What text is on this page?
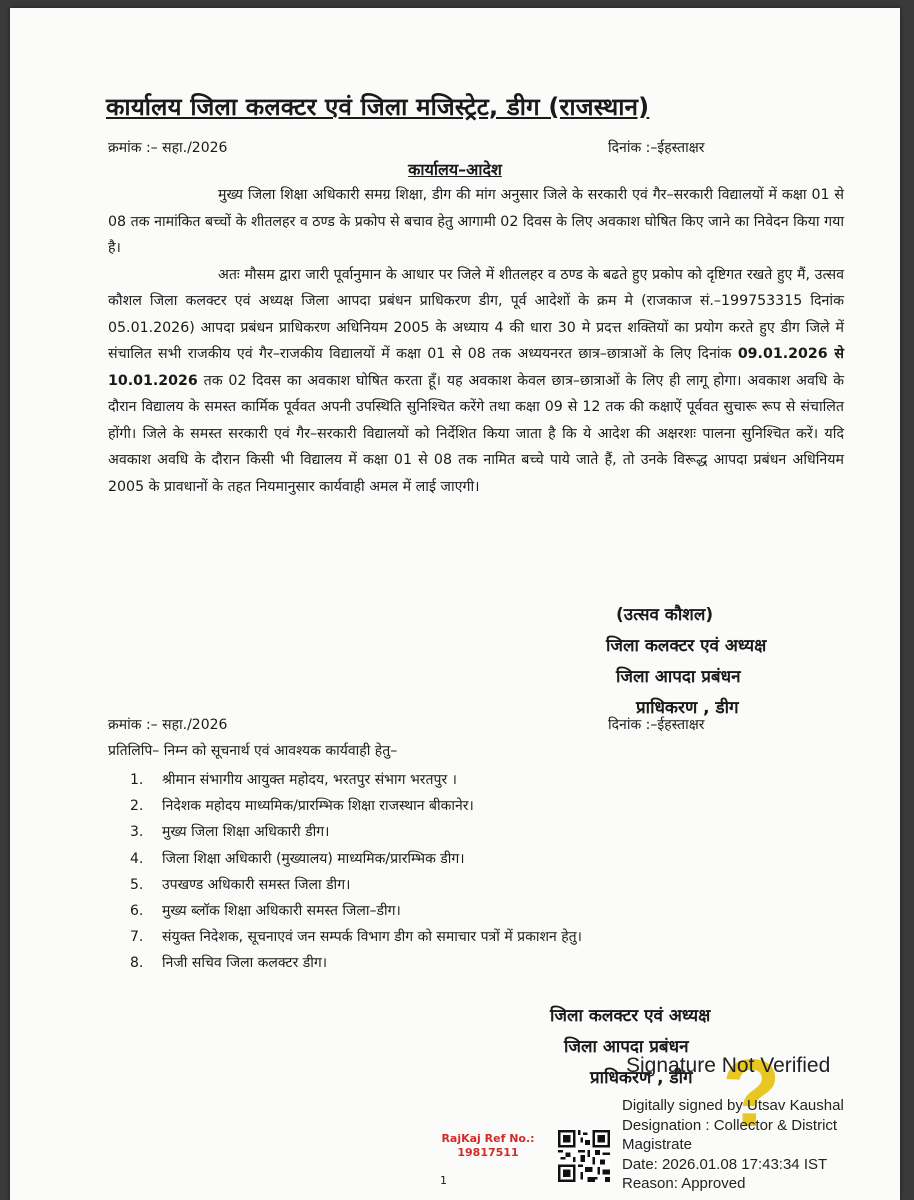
कार्यालय जिला कलक्टर एवं जिला मजिस्ट्रेट, डीग (राजस्थान)
क्रमांक :– सहा./2026	दिनांक :–ईहस्ताक्षर
कार्यालय–आदेश

मुख्य जिला शिक्षा अधिकारी समग्र शिक्षा, डीग की मांग अनुसार जिले के सरकारी एवं गैर–सरकारी विद्यालयों में कक्षा 01 से 08 तक नामांकित बच्चों के शीतलहर व ठण्ड के प्रकोप से बचाव हेतु आगामी 02 दिवस के लिए अवकाश घोषित किए जाने का निवेदन किया गया है।

अतः मौसम द्वारा जारी पूर्वानुमान के आधार पर जिले में शीतलहर व ठण्ड के बढते हुए प्रकोप को दृष्टिगत रखते हुए मैं, उत्सव कौशल जिला कलक्टर एवं अध्यक्ष जिला आपदा प्रबंधन प्राधिकरण डीग, पूर्व आदेशों के क्रम मे (राजकाज सं.–199753315 दिनांक 05.01.2026) आपदा प्रबंधन प्राधिकरण अधिनियम 2005 के अध्याय 4 की धारा 30 मे प्रदत्त शक्तियों का प्रयोग करते हुए डीग जिले में संचालित सभी राजकीय एवं गैर–राजकीय विद्यालयों में कक्षा 01 से 08 तक अध्ययनरत छात्र–छात्राओं के लिए दिनांक 09.01.2026 से 10.01.2026 तक 02 दिवस का अवकाश घोषित करता हूँ। यह अवकाश केवल छात्र–छात्राओं के लिए ही लागू होगा। अवकाश अवधि के दौरान विद्यालय के समस्त कार्मिक पूर्ववत अपनी उपस्थिति सुनिश्चित करेंगे तथा कक्षा 09 से 12 तक की कक्षाऐं पूर्ववत सुचारू रूप से संचालित होंगी। जिले के समस्त सरकारी एवं गैर–सरकारी विद्यालयों को निर्देशित किया जाता है कि ये आदेश की अक्षरशः पालना सुनिश्चित करें। यदि अवकाश अवधि के दौरान किसी भी विद्यालय में कक्षा 01 से 08 तक नामित बच्चे पाये जाते हैं, तो उनके विरूद्ध आपदा प्रबंधन अधिनियम 2005 के प्रावधानों के तहत नियमानुसार कार्यवाही अमल में लाई जाएगी।

(उत्सव कौशल)
जिला कलक्टर एवं अध्यक्ष
जिला आपदा प्रबंधन
प्राधिकरण , डीग
क्रमांक :– सहा./2026	दिनांक :–ईहस्ताक्षर
प्रतिलिपि– निम्न को सूचनार्थ एवं आवश्यक कार्यवाही हेतु–
1. श्रीमान संभागीय आयुक्त महोदय, भरतपुर संभाग भरतपुर ।
2. निदेशक महोदय माध्यमिक/प्रारम्भिक शिक्षा राजस्थान बीकानेर।
3. मुख्य जिला शिक्षा अधिकारी डीग।
4. जिला शिक्षा अधिकारी (मुख्यालय) माध्यमिक/प्रारम्भिक डीग।
5. उपखण्ड अधिकारी समस्त जिला डीग।
6. मुख्य ब्लॉक शिक्षा अधिकारी समस्त जिला–डीग।
7. संयुक्त निदेशक, सूचनाएवं जन सम्पर्क विभाग डीग को समाचार पत्रों में प्रकाशन हेतु।
8. निजी सचिव जिला कलक्टर डीग।
जिला कलक्टर एवं अध्यक्ष
जिला आपदा प्रबंधन
प्राधिकरण , डीग
RajKaj Ref No.:
19817511
1
?
Signature Not Verified
Digitally signed by Utsav Kaushal
Designation : Collector & District
Magistrate
Date: 2026.01.08 17:43:34 IST
Reason: Approved
